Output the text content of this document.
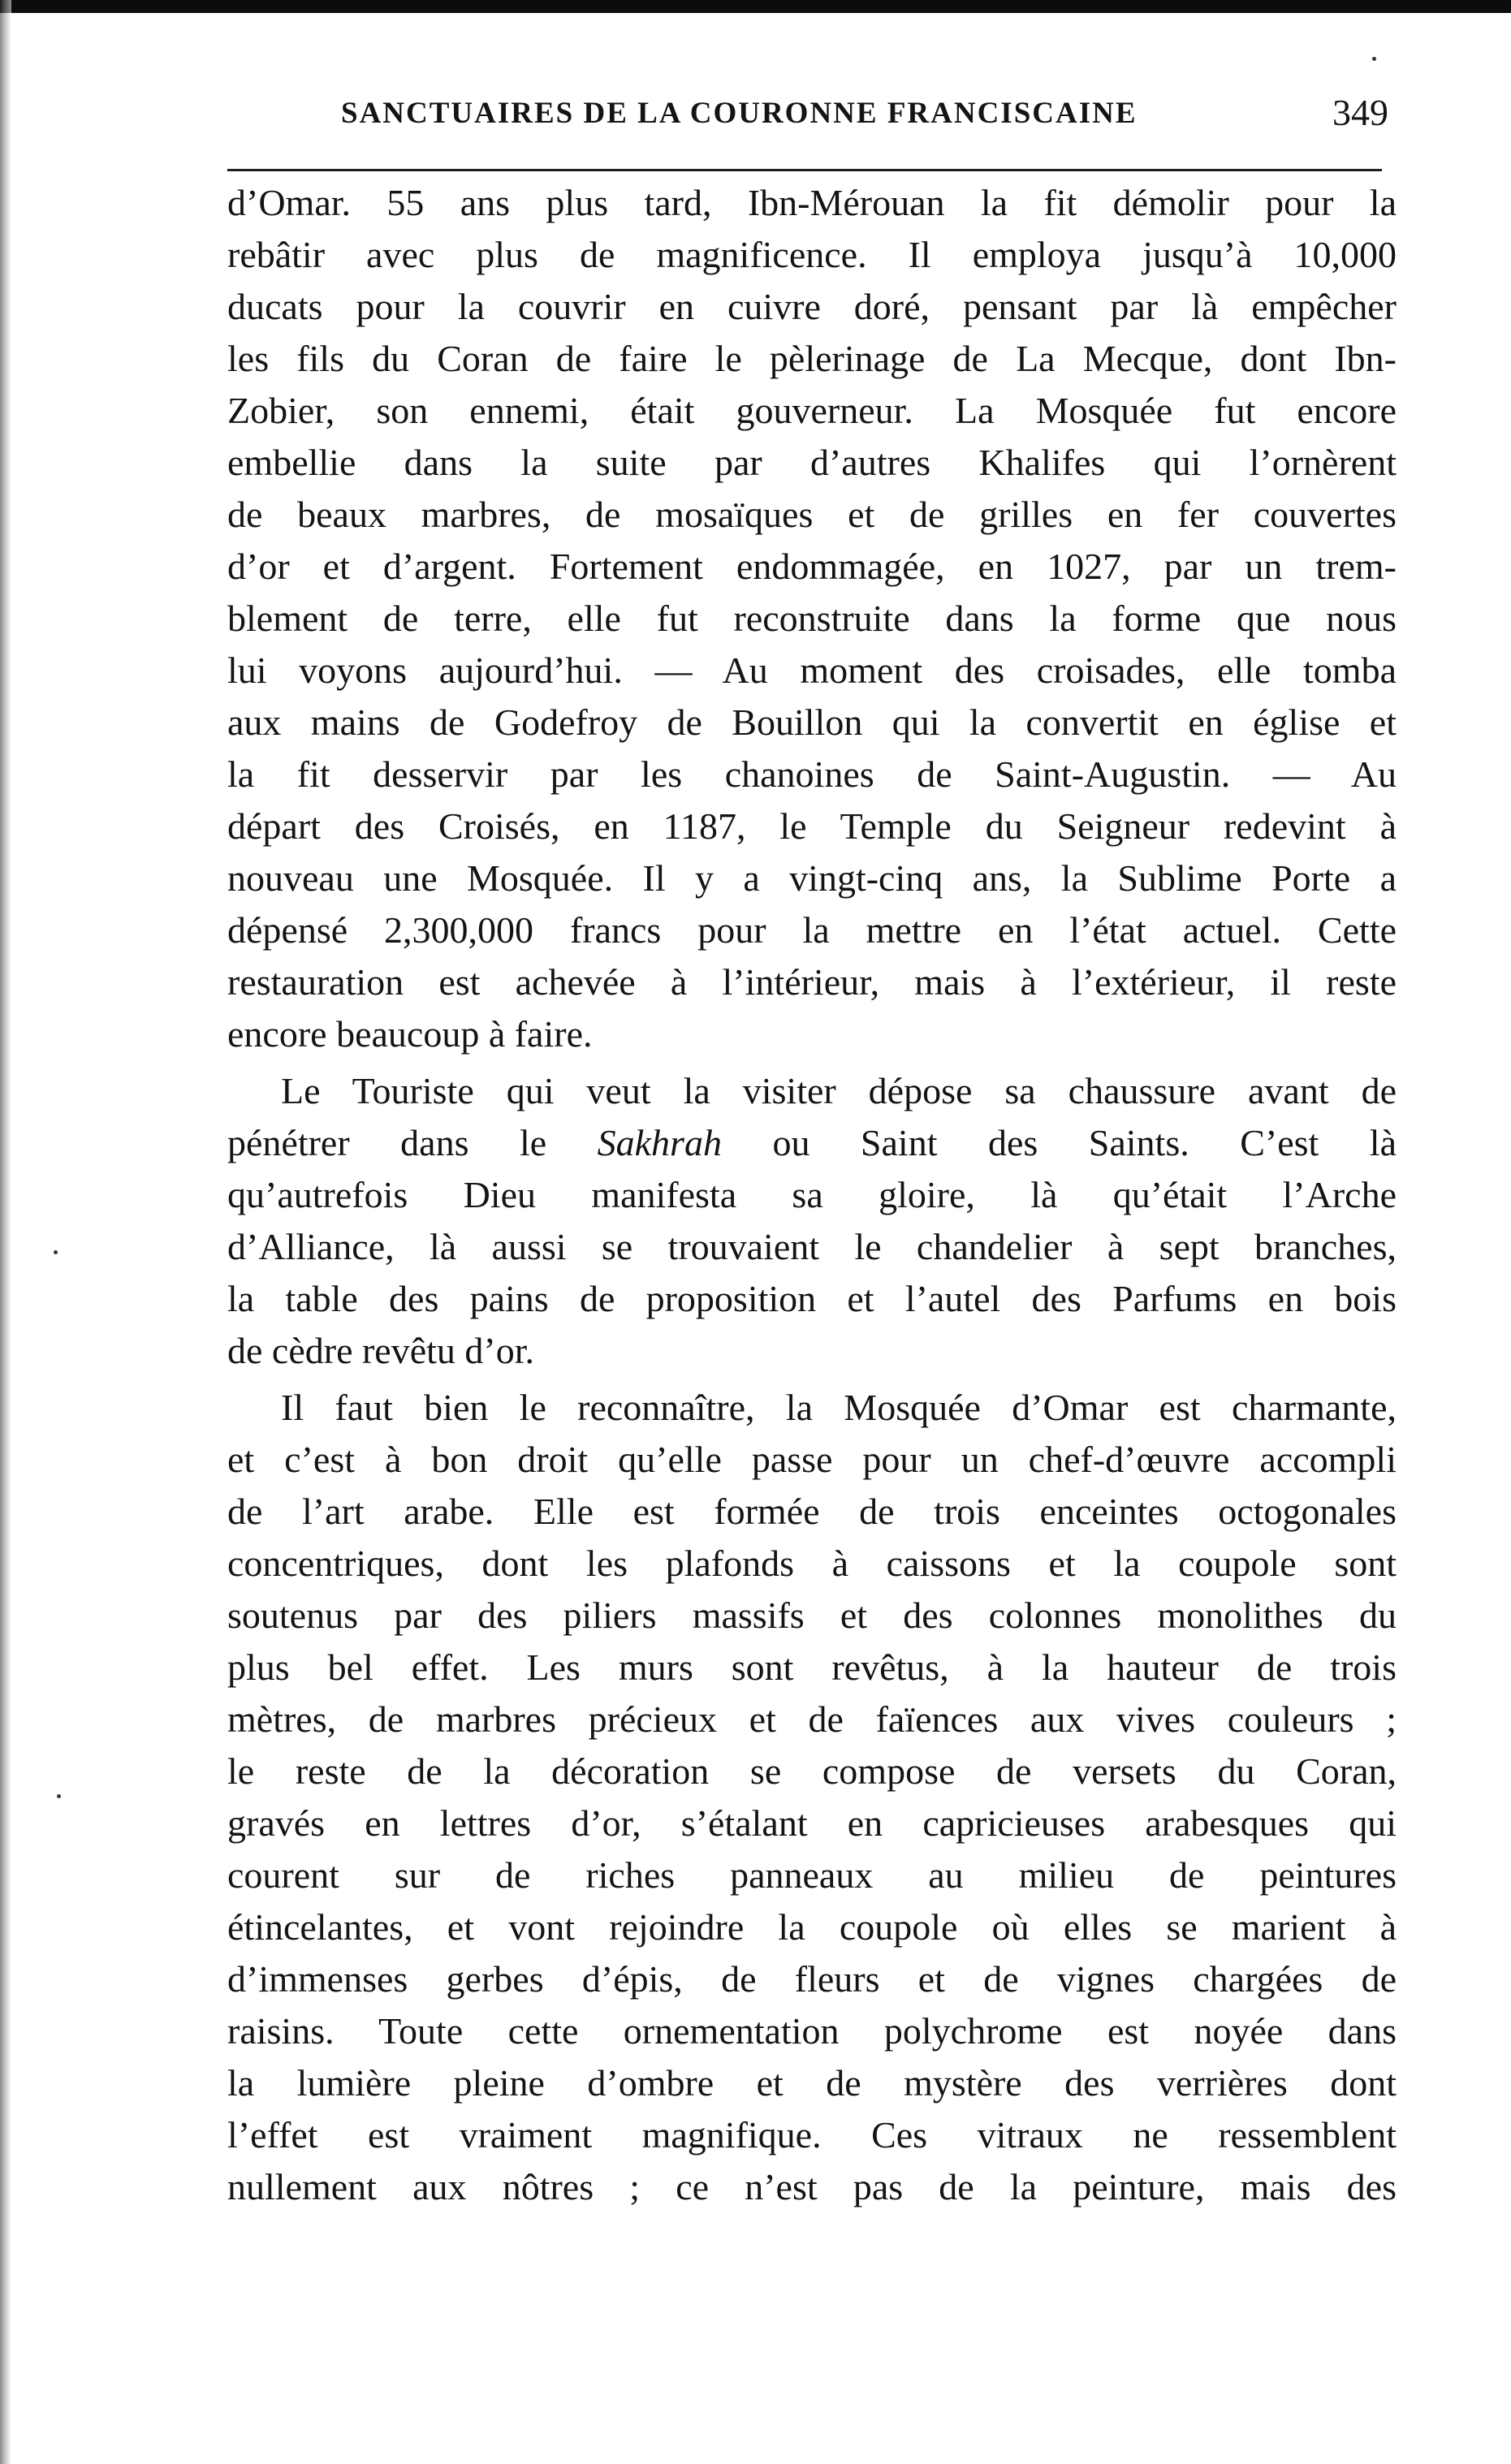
SANCTUAIRES DE LA COURONNE FRANCISCAINE	349
d’Omar. 55 ans plus tard, Ibn-Mérouan la fit démolir pour la
rebâtir avec plus de magnificence. Il employa jusqu’à 10,000
ducats pour la couvrir en cuivre doré, pensant par là empêcher
les fils du Coran de faire le pèlerinage de La Mecque, dont Ibn-
Zobier, son ennemi, était gouverneur. La Mosquée fut encore
embellie dans la suite par d’autres Khalifes qui l’ornèrent
de beaux marbres, de mosaïques et de grilles en fer couvertes
d’or et d’argent. Fortement endommagée, en 1027, par un trem-
blement de terre, elle fut reconstruite dans la forme que nous
lui voyons aujourd’hui. — Au moment des croisades, elle tomba
aux mains de Godefroy de Bouillon qui la convertit en église et
la fit desservir par les chanoines de Saint-Augustin. — Au
départ des Croisés, en 1187, le Temple du Seigneur redevint à
nouveau une Mosquée. Il y a vingt-cinq ans, la Sublime Porte a
dépensé 2,300,000 francs pour la mettre en l’état actuel. Cette
restauration est achevée à l’intérieur, mais à l’extérieur, il reste
encore beaucoup à faire.
Le Touriste qui veut la visiter dépose sa chaussure avant de
pénétrer dans le Sakhrah ou Saint des Saints. C’est là
qu’autrefois Dieu manifesta sa gloire, là qu’était l’Arche
d’Alliance, là aussi se trouvaient le chandelier à sept branches,
la table des pains de proposition et l’autel des Parfums en bois
de cèdre revêtu d’or.
Il faut bien le reconnaître, la Mosquée d’Omar est charmante,
et c’est à bon droit qu’elle passe pour un chef-d’œuvre accompli
de l’art arabe. Elle est formée de trois enceintes octogonales
concentriques, dont les plafonds à caissons et la coupole sont
soutenus par des piliers massifs et des colonnes monolithes du
plus bel effet. Les murs sont revêtus, à la hauteur de trois
mètres, de marbres précieux et de faïences aux vives couleurs ;
le reste de la décoration se compose de versets du Coran,
gravés en lettres d’or, s’étalant en capricieuses arabesques qui
courent sur de riches panneaux au milieu de peintures
étincelantes, et vont rejoindre la coupole où elles se marient à
d’immenses gerbes d’épis, de fleurs et de vignes chargées de
raisins. Toute cette ornementation polychrome est noyée dans
la lumière pleine d’ombre et de mystère des verrières dont
l’effet est vraiment magnifique. Ces vitraux ne ressemblent
nullement aux nôtres ; ce n’est pas de la peinture, mais des
